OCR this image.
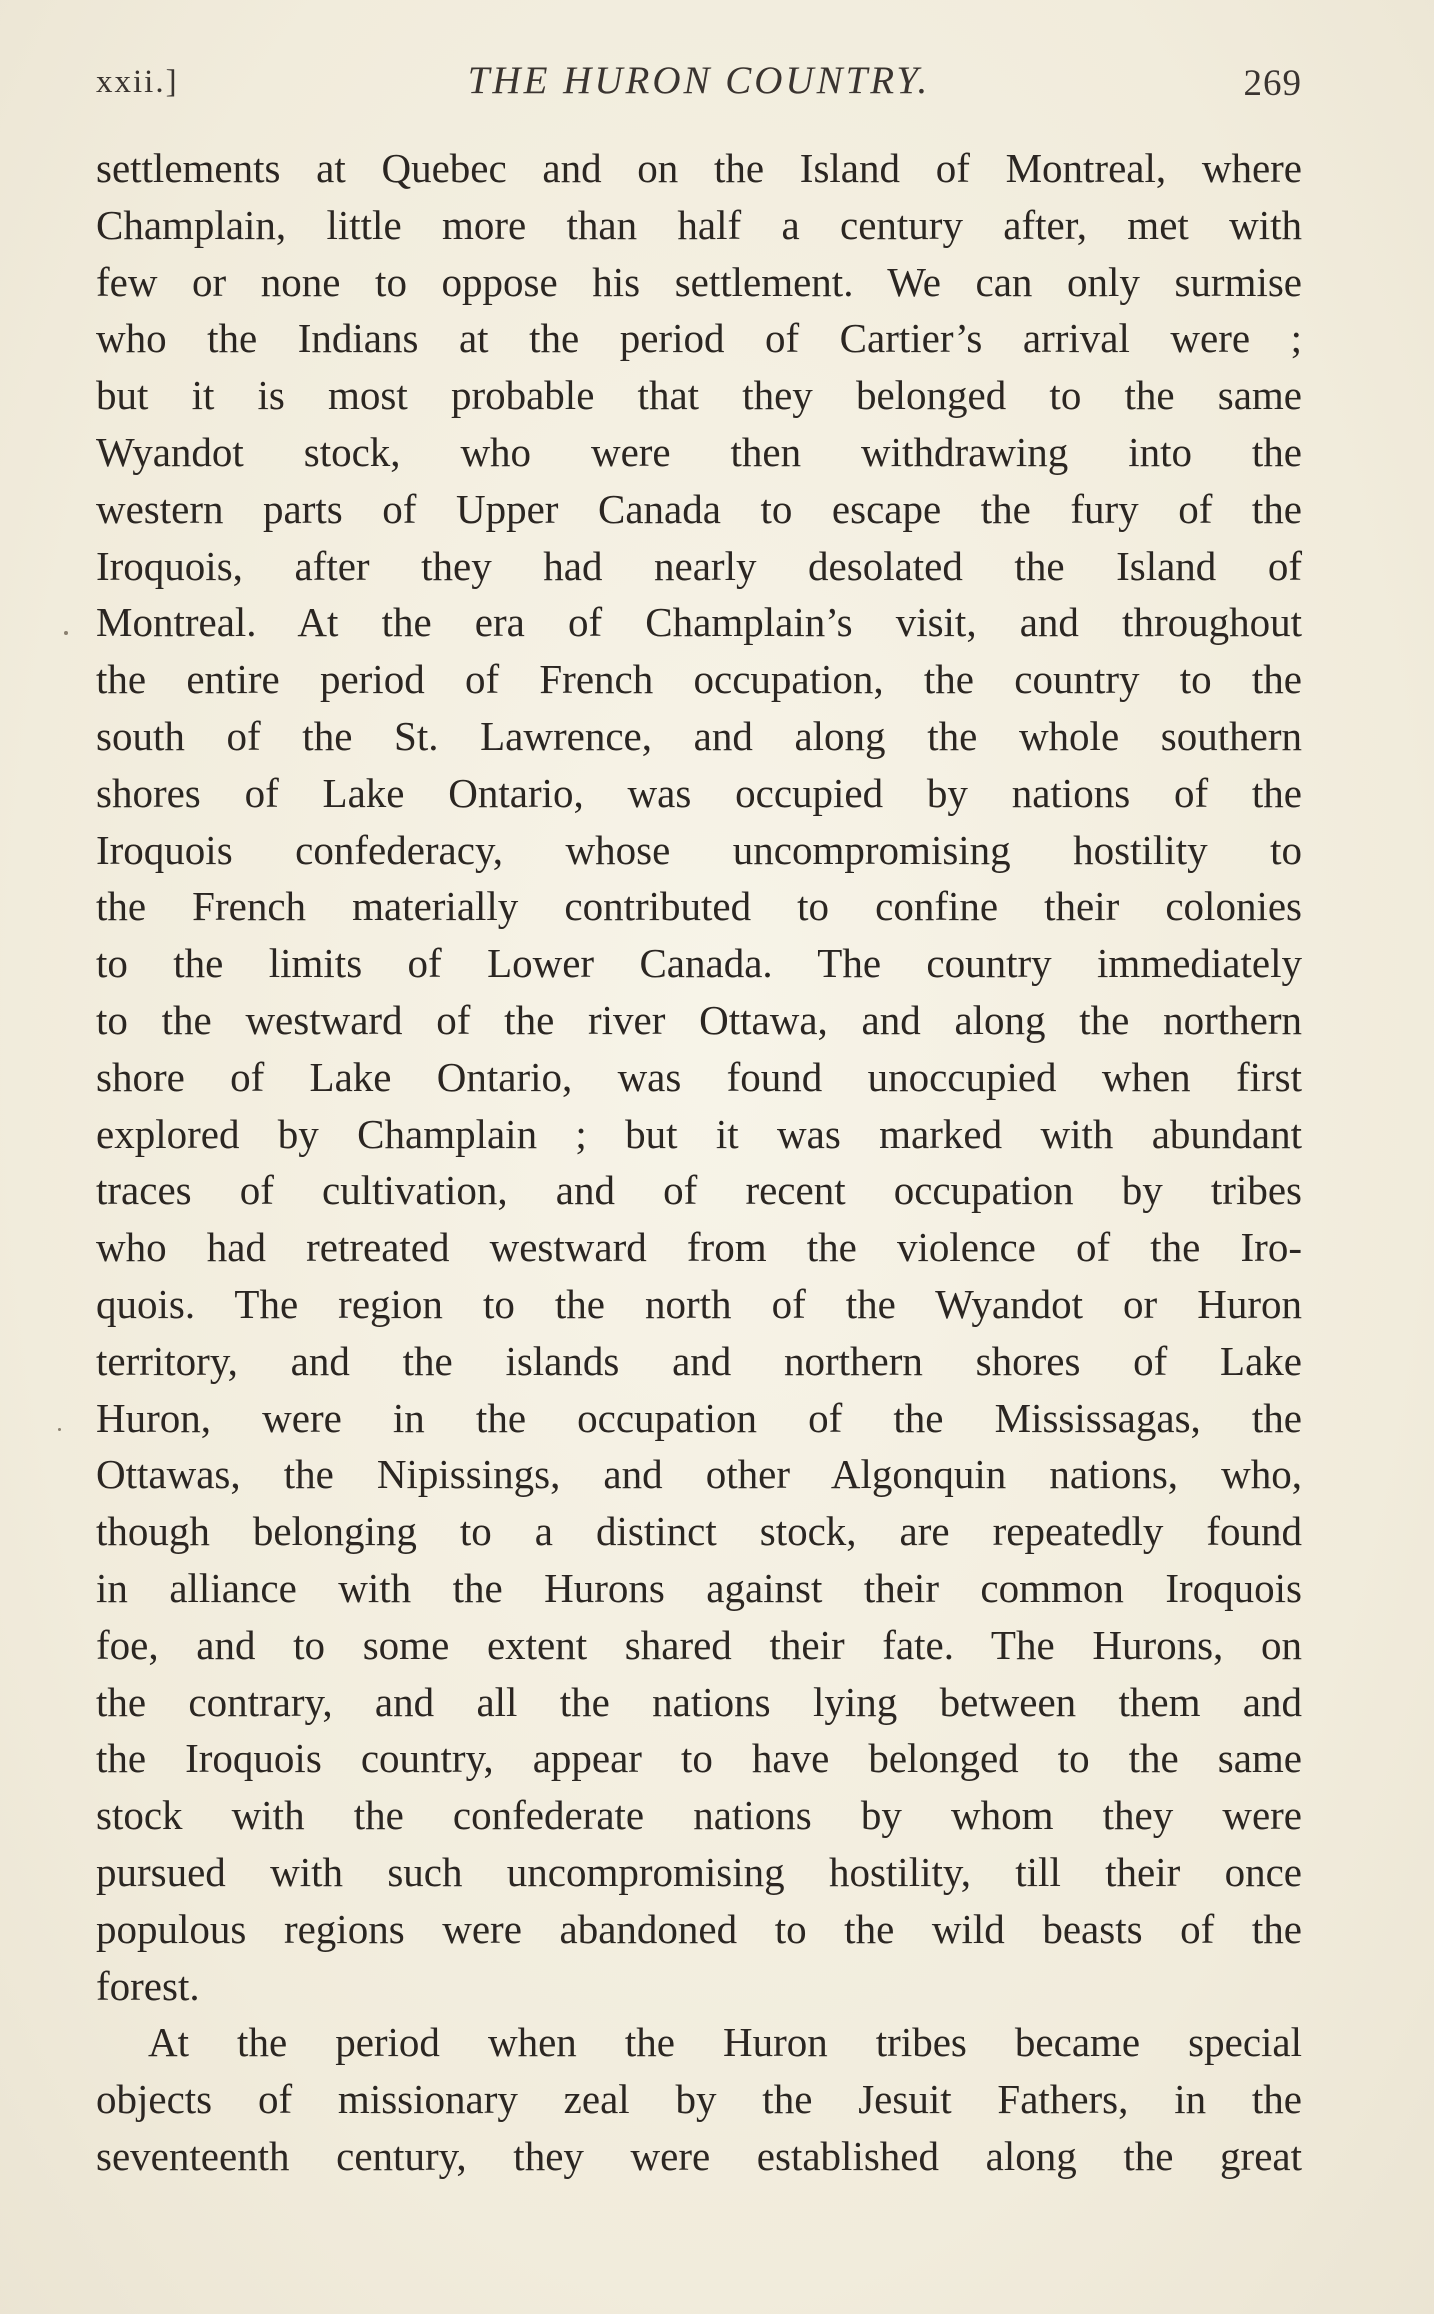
xxii.]	THE HURON COUNTRY.	269
settlements at Quebec and on the Island of Montreal, where
Champlain, little more than half a century after, met with
few or none to oppose his settlement. We can only surmise
who the Indians at the period of Cartier’s arrival were ;
but it is most probable that they belonged to the same
Wyandot stock, who were then withdrawing into the
western parts of Upper Canada to escape the fury of the
Iroquois, after they had nearly desolated the Island of
Montreal. At the era of Champlain’s visit, and throughout
the entire period of French occupation, the country to the
south of the St. Lawrence, and along the whole southern
shores of Lake Ontario, was occupied by nations of the
Iroquois confederacy, whose uncompromising hostility to
the French materially contributed to confine their colonies
to the limits of Lower Canada. The country immediately
to the westward of the river Ottawa, and along the northern
shore of Lake Ontario, was found unoccupied when first
explored by Champlain ; but it was marked with abundant
traces of cultivation, and of recent occupation by tribes
who had retreated westward from the violence of the Iro-
quois. The region to the north of the Wyandot or Huron
territory, and the islands and northern shores of Lake
Huron, were in the occupation of the Mississagas, the
Ottawas, the Nipissings, and other Algonquin nations, who,
though belonging to a distinct stock, are repeatedly found
in alliance with the Hurons against their common Iroquois
foe, and to some extent shared their fate. The Hurons, on
the contrary, and all the nations lying between them and
the Iroquois country, appear to have belonged to the same
stock with the confederate nations by whom they were
pursued with such uncompromising hostility, till their once
populous regions were abandoned to the wild beasts of the
forest.
At the period when the Huron tribes became special
objects of missionary zeal by the Jesuit Fathers, in the
seventeenth century, they were established along the great
